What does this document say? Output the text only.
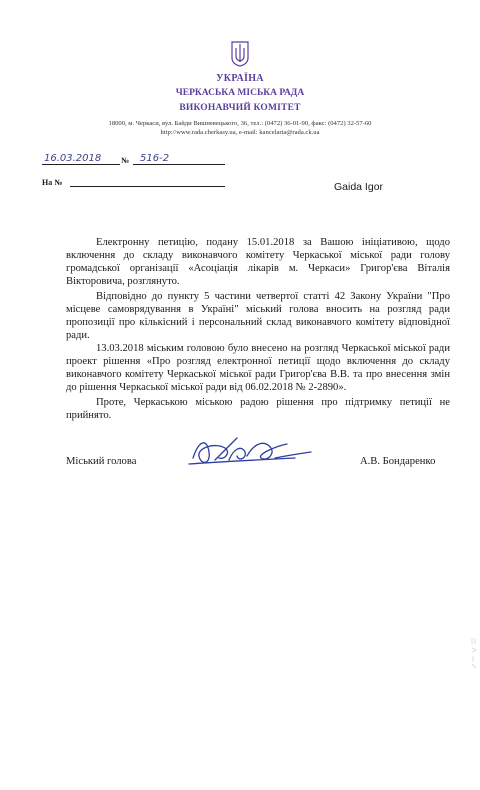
УКРАЇНА
ЧЕРКАСЬКА МІСЬКА РАДА
ВИКОНАВЧИЙ КОМІТЕТ
18000, м. Черкаси, вул. Байди Вишневецького, 36, тел.: (0472) 36-01-90, факс: (0472) 32-57-60
http://www.rada.cherkasy.ua, e-mail: kancelaria@rada.ck.ua
16.03.2018 № 516-2
На №	Gaida Igor

Електронну петицію, подану 15.01.2018 за Вашою ініціативою, щодо включення до складу виконавчого комітету Черкаської міської ради голову громадської організації «Асоціація лікарів м. Черкаси» Григор'єва Віталія Вікторовича, розглянуто.

Відповідно до пункту 5 частини четвертої статті 42 Закону України "Про місцеве самоврядування в Україні" міський голова вносить на розгляд ради пропозиції про кількісний і персональний склад виконавчого комітету відповідної ради.

13.03.2018 міським головою було внесено на розгляд Черкаської міської ради проект рішення «Про розгляд електронної петиції щодо включення до складу виконавчого комітету Черкаської міської ради Григор'єва В.В. та про внесення змін до рішення Черкаської міської ради від 06.02.2018 № 2-2890».

Проте, Черкаською міською радою рішення про підтримку петиції не прийнято.

Міський голова	А.В. Бондаренко
